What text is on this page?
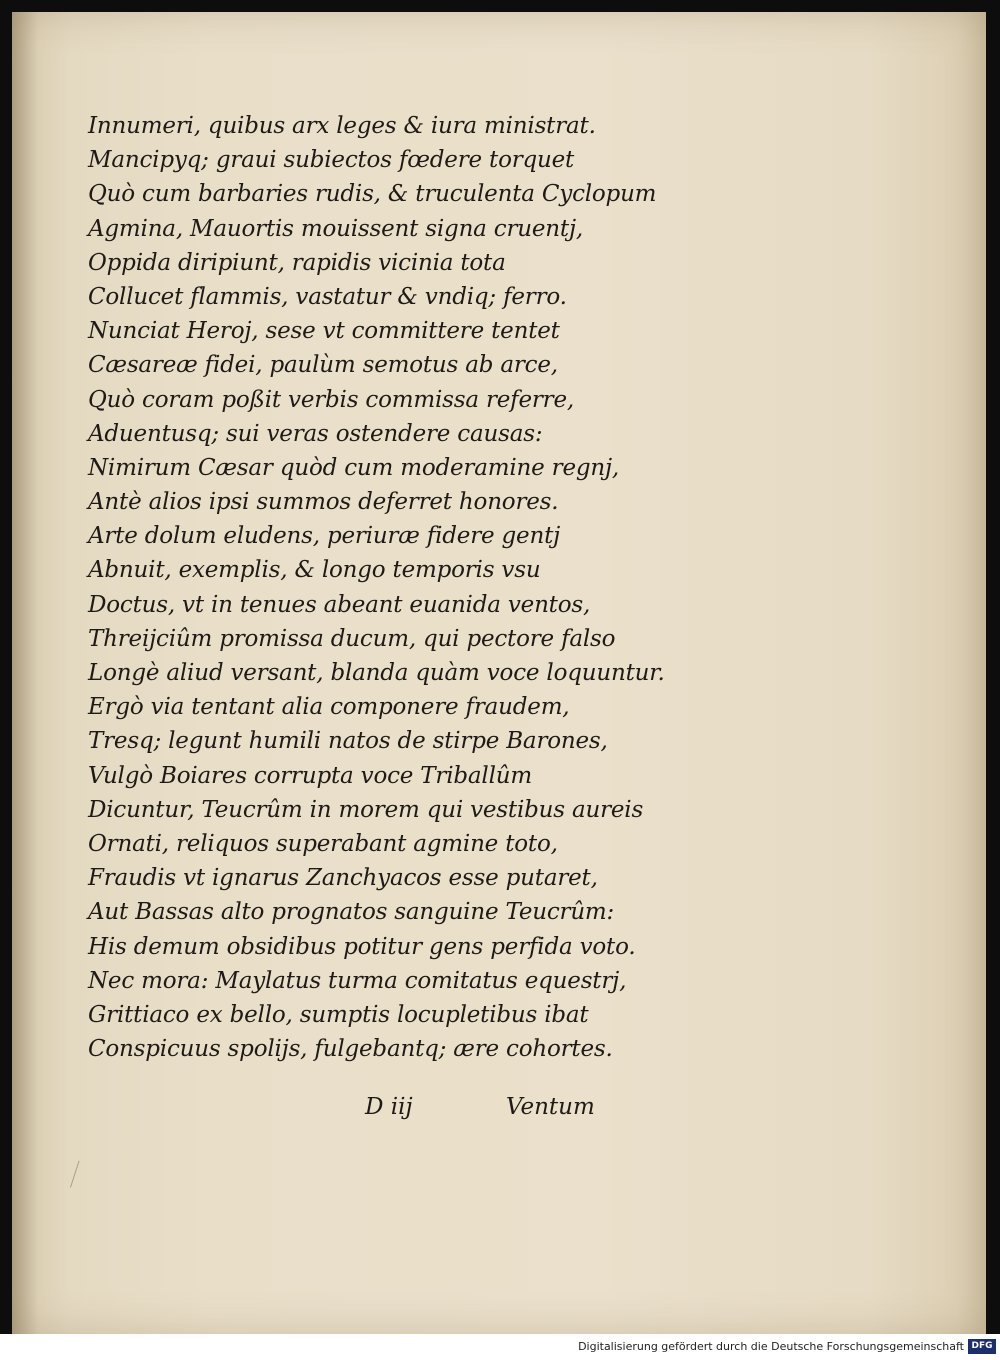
Innumeri, quibus arx leges & iura ministrat.
Mancipyq; graui subiectos fœdere torquet
Quò cum barbaries rudis, & truculenta Cyclopum
Agmina, Mauortis mouissent signa cruentj,
Oppida diripiunt, rapidis vicinia tota
Collucet flammis, vastatur & vndiq; ferro.
Nunciat Heroj, sese vt committere tentet
Cæsareæ fidei, paulùm semotus ab arce,
Quò coram poßit verbis commissa referre,
Aduentusq; sui veras ostendere causas:
Nimirum Cæsar quòd cum moderamine regnj,
Antè alios ipsi summos deferret honores.
Arte dolum eludens, periuræ fidere gentj
Abnuit, exemplis, & longo temporis vsu
Doctus, vt in tenues abeant euanida ventos,
Threijciûm promissa ducum, qui pectore falso
Longè aliud versant, blanda quàm voce loquuntur.
Ergò via tentant alia componere fraudem,
Tresq; legunt humili natos de stirpe Barones,
Vulgò Boiares corrupta voce Triballûm
Dicuntur, Teucrûm in morem qui vestibus aureis
Ornati, reliquos superabant agmine toto,
Fraudis vt ignarus Zanchyacos esse putaret,
Aut Bassas alto prognatos sanguine Teucrûm:
His demum obsidibus potitur gens perfida voto.
Nec mora: Maylatus turma comitatus equestrj,
Grittiaco ex bello, sumptis locupletibus ibat
Conspicuus spolijs, fulgebantq; ære cohortes.
D iij	Ventum
Digitalisierung gefördert durch die Deutsche Forschungsgemeinschaft DFG
